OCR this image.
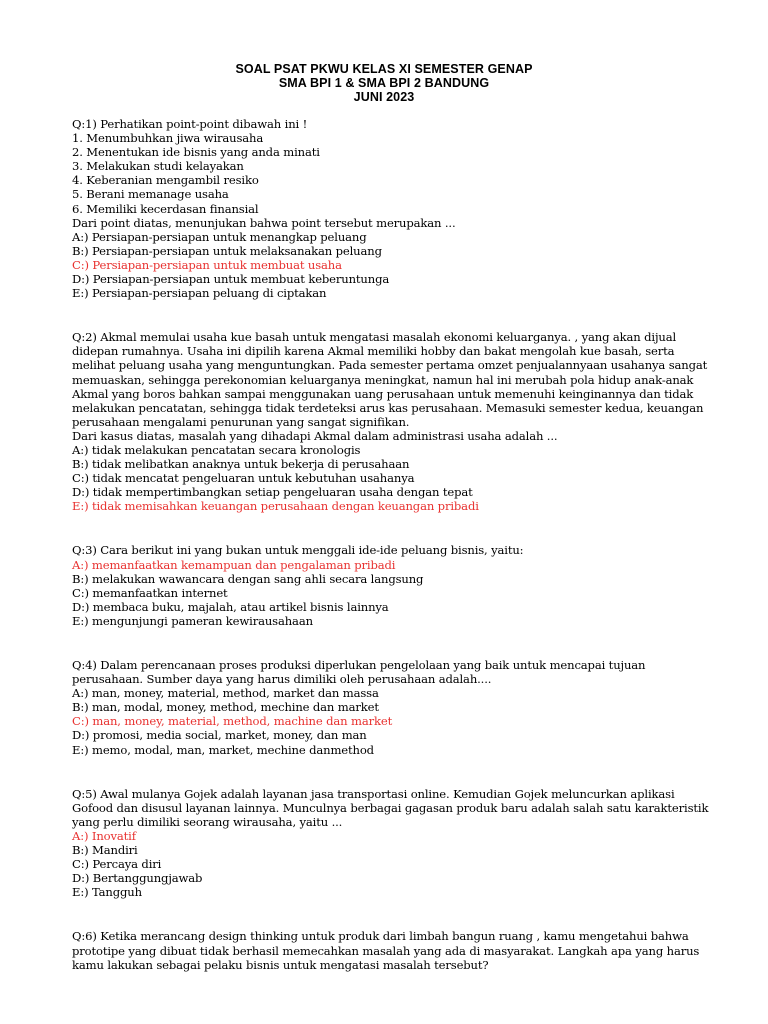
SOAL PSAT PKWU KELAS XI SEMESTER GENAP
SMA BPI 1 & SMA BPI 2 BANDUNG
JUNI 2023
Q:1) Perhatikan point-point dibawah ini !
1. Menumbuhkan jiwa wirausaha
2. Menentukan ide bisnis yang anda minati
3. Melakukan studi kelayakan
4. Keberanian mengambil resiko
5. Berani memanage usaha
6. Memiliki kecerdasan finansial
Dari point diatas, menunjukan bahwa point tersebut merupakan ...
A:) Persiapan-persiapan untuk menangkap peluang
B:) Persiapan-persiapan untuk melaksanakan peluang
C:) Persiapan-persiapan untuk membuat usaha
D:) Persiapan-persiapan untuk membuat keberuntunga
E:) Persiapan-persiapan peluang di ciptakan
Q:2) Akmal memulai usaha kue basah untuk mengatasi masalah ekonomi keluarganya. , yang akan dijual didepan rumahnya. Usaha ini dipilih karena Akmal memiliki hobby dan bakat mengolah kue basah, serta melihat peluang usaha yang menguntungkan. Pada semester pertama omzet penjualannyaan usahanya sangat memuaskan, sehingga perekonomian keluarganya meningkat, namun hal ini merubah pola hidup anak-anak Akmal yang boros bahkan sampai menggunakan uang perusahaan untuk memenuhi keinginannya dan tidak melakukan pencatatan, sehingga tidak terdeteksi arus kas perusahaan. Memasuki semester kedua, keuangan perusahaan mengalami penurunan yang sangat signifikan.
Dari kasus diatas, masalah yang dihadapi Akmal dalam administrasi usaha adalah ...
A:) tidak melakukan pencatatan secara kronologis
B:) tidak melibatkan anaknya untuk bekerja di perusahaan
C:) tidak mencatat pengeluaran untuk kebutuhan usahanya
D:) tidak mempertimbangkan setiap pengeluaran usaha dengan tepat
E:) tidak memisahkan keuangan perusahaan dengan keuangan pribadi
Q:3) Cara berikut ini yang bukan untuk menggali ide-ide peluang bisnis, yaitu:
A:) memanfaatkan kemampuan dan pengalaman pribadi
B:) melakukan wawancara dengan sang ahli secara langsung
C:) memanfaatkan internet
D:) membaca buku, majalah, atau artikel bisnis lainnya
E:) mengunjungi pameran kewirausahaan
Q:4) Dalam perencanaan proses produksi diperlukan pengelolaan yang baik untuk mencapai tujuan perusahaan. Sumber daya yang harus dimiliki oleh perusahaan adalah....
A:) man, money, material, method, market dan massa
B:) man, modal, money, method, mechine dan market
C:) man, money, material, method, machine dan market
D:) promosi, media social, market, money, dan man
E:) memo, modal, man, market, mechine danmethod
Q:5) Awal mulanya Gojek adalah layanan jasa transportasi online. Kemudian Gojek meluncurkan aplikasi Gofood dan disusul layanan lainnya. Munculnya berbagai gagasan produk baru adalah salah satu karakteristik yang perlu dimiliki seorang wirausaha, yaitu ...
A:) Inovatif
B:) Mandiri
C:) Percaya diri
D:) Bertanggungjawab
E:) Tangguh
Q:6) Ketika merancang design thinking untuk produk dari limbah bangun ruang , kamu mengetahui bahwa prototipe yang dibuat tidak berhasil memecahkan masalah yang ada di masyarakat. Langkah apa yang harus kamu lakukan sebagai pelaku bisnis untuk mengatasi masalah tersebut?
